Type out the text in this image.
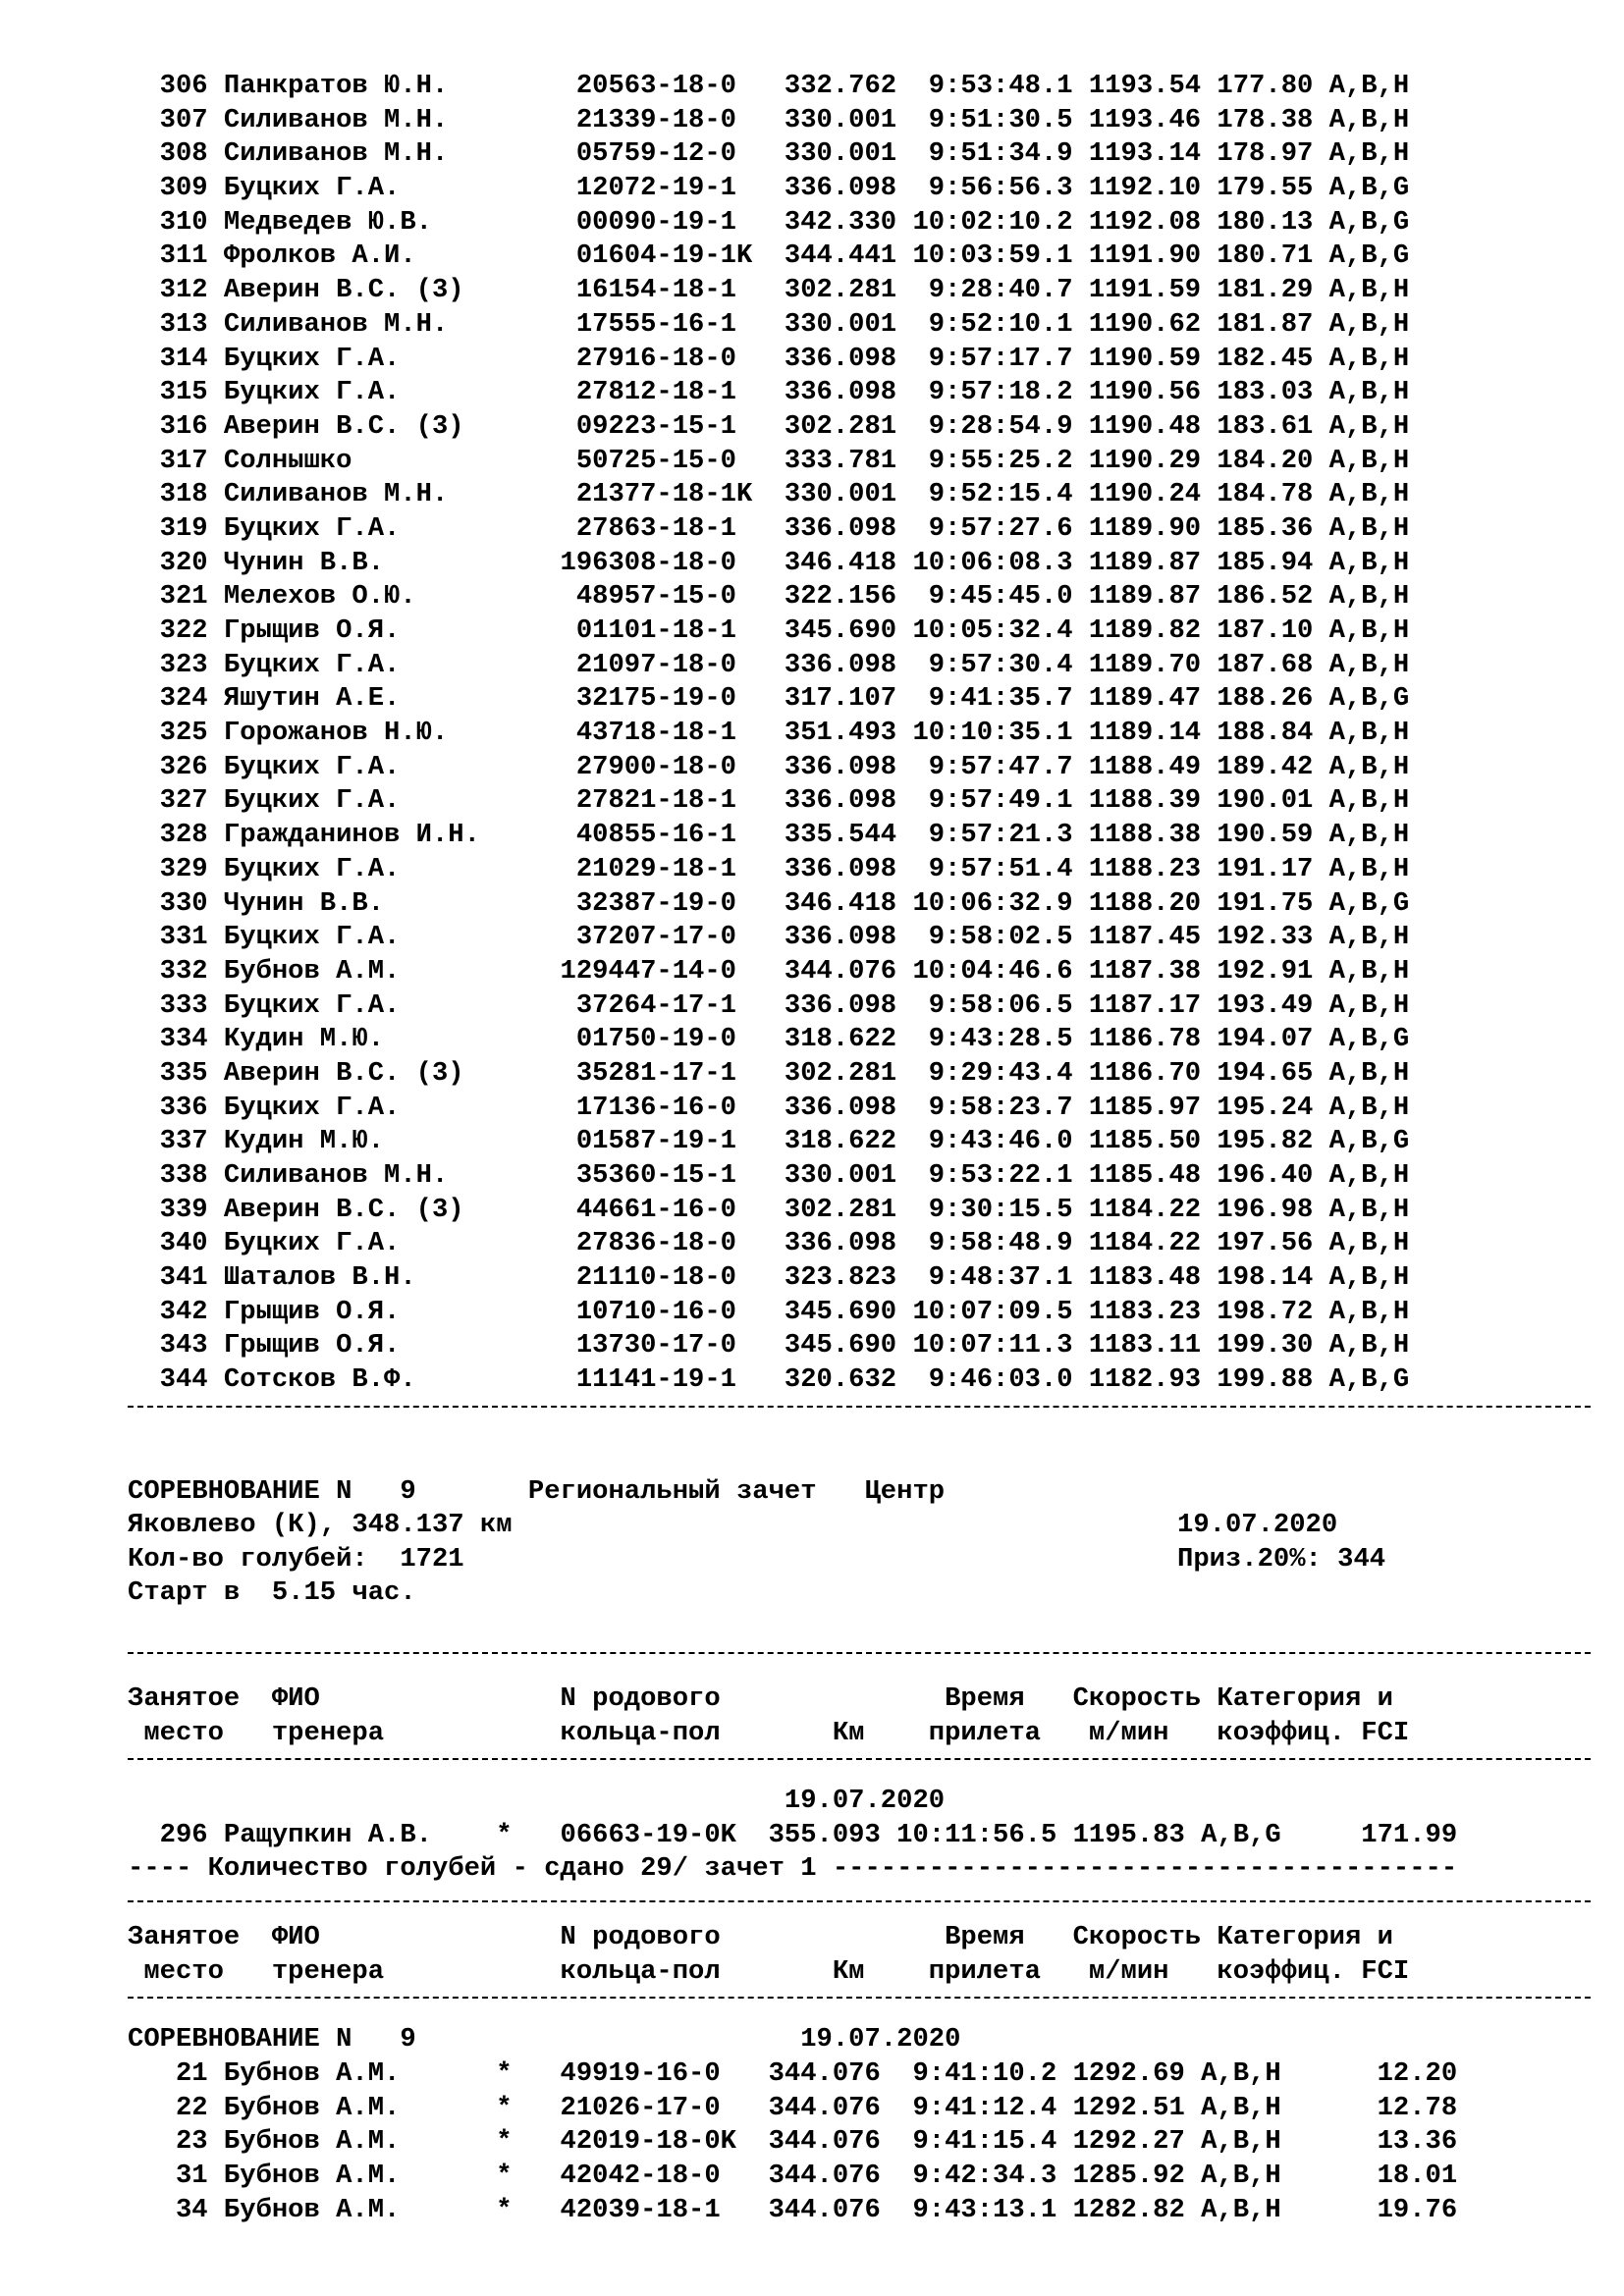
306 Панкратов Ю.Н.        20563-18-0   332.762  9:53:48.1 1193.54 177.80 A,B,H
307 Силиванов М.Н.        21339-18-0   330.001  9:51:30.5 1193.46 178.38 A,B,H
308 Силиванов М.Н.        05759-12-0   330.001  9:51:34.9 1193.14 178.97 A,B,H
309 Буцких Г.А.           12072-19-1   336.098  9:56:56.3 1192.10 179.55 A,B,G
310 Медведев Ю.В.         00090-19-1   342.330 10:02:10.2 1192.08 180.13 A,B,G
311 Фролков А.И.          01604-19-1K  344.441 10:03:59.1 1191.90 180.71 A,B,G
312 Аверин В.С. (3)       16154-18-1   302.281  9:28:40.7 1191.59 181.29 A,B,H
313 Силиванов М.Н.        17555-16-1   330.001  9:52:10.1 1190.62 181.87 A,B,H
314 Буцких Г.А.           27916-18-0   336.098  9:57:17.7 1190.59 182.45 A,B,H
315 Буцких Г.А.           27812-18-1   336.098  9:57:18.2 1190.56 183.03 A,B,H
316 Аверин В.С. (3)       09223-15-1   302.281  9:28:54.9 1190.48 183.61 A,B,H
317 Солнышко              50725-15-0   333.781  9:55:25.2 1190.29 184.20 A,B,H
318 Силиванов М.Н.        21377-18-1K  330.001  9:52:15.4 1190.24 184.78 A,B,H
319 Буцких Г.А.           27863-18-1   336.098  9:57:27.6 1189.90 185.36 A,B,H
320 Чунин В.В.           196308-18-0   346.418 10:06:08.3 1189.87 185.94 A,B,H
321 Мелехов О.Ю.          48957-15-0   322.156  9:45:45.0 1189.87 186.52 A,B,H
322 Грыщив О.Я.           01101-18-1   345.690 10:05:32.4 1189.82 187.10 A,B,H
323 Буцких Г.А.           21097-18-0   336.098  9:57:30.4 1189.70 187.68 A,B,H
324 Яшутин А.Е.           32175-19-0   317.107  9:41:35.7 1189.47 188.26 A,B,G
325 Горожанов Н.Ю.        43718-18-1   351.493 10:10:35.1 1189.14 188.84 A,B,H
326 Буцких Г.А.           27900-18-0   336.098  9:57:47.7 1188.49 189.42 A,B,H
327 Буцких Г.А.           27821-18-1   336.098  9:57:49.1 1188.39 190.01 A,B,H
328 Гражданинов И.Н.      40855-16-1   335.544  9:57:21.3 1188.38 190.59 A,B,H
329 Буцких Г.А.           21029-18-1   336.098  9:57:51.4 1188.23 191.17 A,B,H
330 Чунин В.В.            32387-19-0   346.418 10:06:32.9 1188.20 191.75 A,B,G
331 Буцких Г.А.           37207-17-0   336.098  9:58:02.5 1187.45 192.33 A,B,H
332 Бубнов А.М.          129447-14-0   344.076 10:04:46.6 1187.38 192.91 A,B,H
333 Буцких Г.А.           37264-17-1   336.098  9:58:06.5 1187.17 193.49 A,B,H
334 Кудин М.Ю.            01750-19-0   318.622  9:43:28.5 1186.78 194.07 A,B,G
335 Аверин В.С. (3)       35281-17-1   302.281  9:29:43.4 1186.70 194.65 A,B,H
336 Буцких Г.А.           17136-16-0   336.098  9:58:23.7 1185.97 195.24 A,B,H
337 Кудин М.Ю.            01587-19-1   318.622  9:43:46.0 1185.50 195.82 A,B,G
338 Силиванов М.Н.        35360-15-1   330.001  9:53:22.1 1185.48 196.40 A,B,H
339 Аверин В.С. (3)       44661-16-0   302.281  9:30:15.5 1184.22 196.98 A,B,H
340 Буцких Г.А.           27836-18-0   336.098  9:58:48.9 1184.22 197.56 A,B,H
341 Шаталов В.Н.          21110-18-0   323.823  9:48:37.1 1183.48 198.14 A,B,H
342 Грыщив О.Я.           10710-16-0   345.690 10:07:09.5 1183.23 198.72 A,B,H
343 Грыщив О.Я.           13730-17-0   345.690 10:07:11.3 1183.11 199.30 A,B,H
344 Сотсков В.Ф.          11141-19-1   320.632  9:46:03.0 1182.93 199.88 A,B,G
СОРЕВНОВАНИЕ N   9       Региональный зачет   Центр
Яковлево (К), 348.137 км	19.07.2020
Кол-во голубей:  1721	Приз.20%: 344
Старт в  5.15 час.
Занятое  ФИО               N родового              Время   Скорость Категория и
место   тренера           кольца-пол       Км    прилета   м/мин   коэффиц. FCI
19.07.2020
296 Ращупкин А.В.    *   06663-19-0K  355.093 10:11:56.5 1195.83 A,B,G     171.99
---- Количество голубей - сдано 29/ зачет 1 ---------------------------------------
Занятое  ФИО               N родового              Время   Скорость Категория и
место   тренера           кольца-пол       Км    прилета   м/мин   коэффиц. FCI
СОРЕВНОВАНИЕ N   9                        19.07.2020
21 Бубнов А.М.      *   49919-16-0   344.076  9:41:10.2 1292.69 A,B,H      12.20
22 Бубнов А.М.      *   21026-17-0   344.076  9:41:12.4 1292.51 A,B,H      12.78
23 Бубнов А.М.      *   42019-18-0K  344.076  9:41:15.4 1292.27 A,B,H      13.36
31 Бубнов А.М.      *   42042-18-0   344.076  9:42:34.3 1285.92 A,B,H      18.01
34 Бубнов А.М.      *   42039-18-1   344.076  9:43:13.1 1282.82 A,B,H      19.76
